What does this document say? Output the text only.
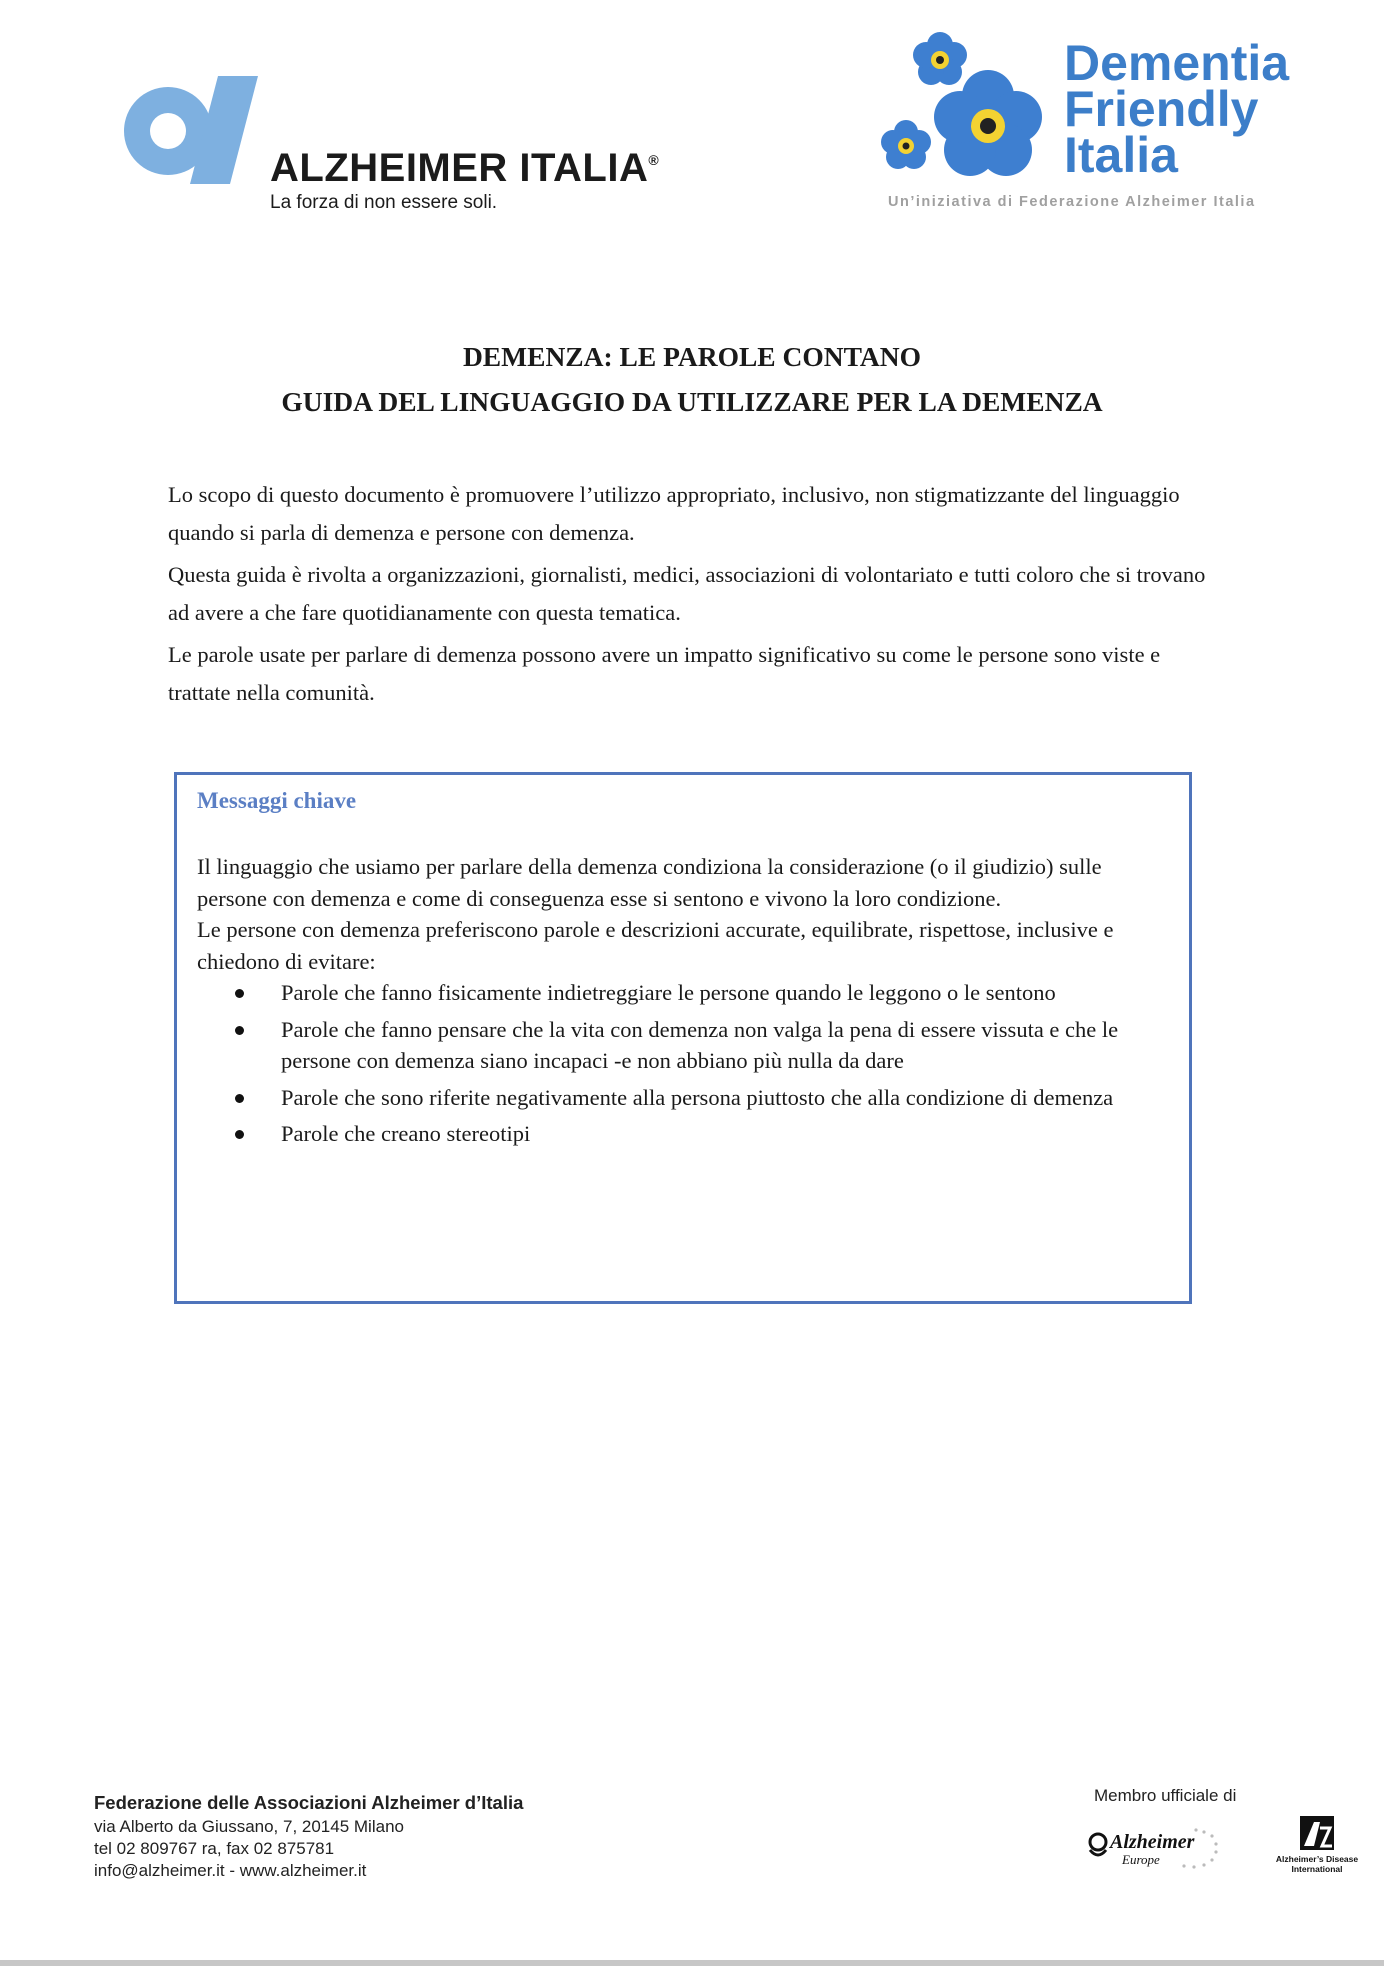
ALZHEIMER ITALIA®
La forza di non essere soli.
Dementia
Friendly
Italia
Un’iniziativa di Federazione Alzheimer Italia
DEMENZA: LE PAROLE CONTANO
GUIDA DEL LINGUAGGIO DA UTILIZZARE PER LA DEMENZA

Lo scopo di questo documento è promuovere l’utilizzo appropriato, inclusivo, non stigmatizzante del linguaggio quando si parla di demenza e persone con demenza.

Questa guida è rivolta a organizzazioni, giornalisti, medici, associazioni di volontariato e tutti coloro che si trovano ad avere a che fare quotidianamente con questa tematica.

Le parole usate per parlare di demenza possono avere un impatto significativo su come le persone sono viste e trattate nella comunità.

Messaggi chiave

Il linguaggio che usiamo per parlare della demenza condiziona la considerazione (o il giudizio) sulle persone con demenza e come di conseguenza esse si sentono e vivono la loro condizione.

Le persone con demenza preferiscono parole e descrizioni accurate, equilibrate, rispettose, inclusive e chiedono di evitare:

Parole che fanno fisicamente indietreggiare le persone quando le leggono o le sentono
Parole che fanno pensare che la vita con demenza non valga la pena di essere vissuta e che le persone con demenza siano incapaci -e non abbiano più nulla da dare
Parole che sono riferite negativamente alla persona piuttosto che alla condizione di demenza
Parole che creano stereotipi
Federazione delle Associazioni Alzheimer d’Italia
via Alberto da Giussano, 7, 20145 Milano
tel 02 809767 ra, fax 02 875781
info@alzheimer.it - www.alzheimer.it
Membro ufficiale di
Alzheimer
Europe	Alzheimer’s Disease
International
